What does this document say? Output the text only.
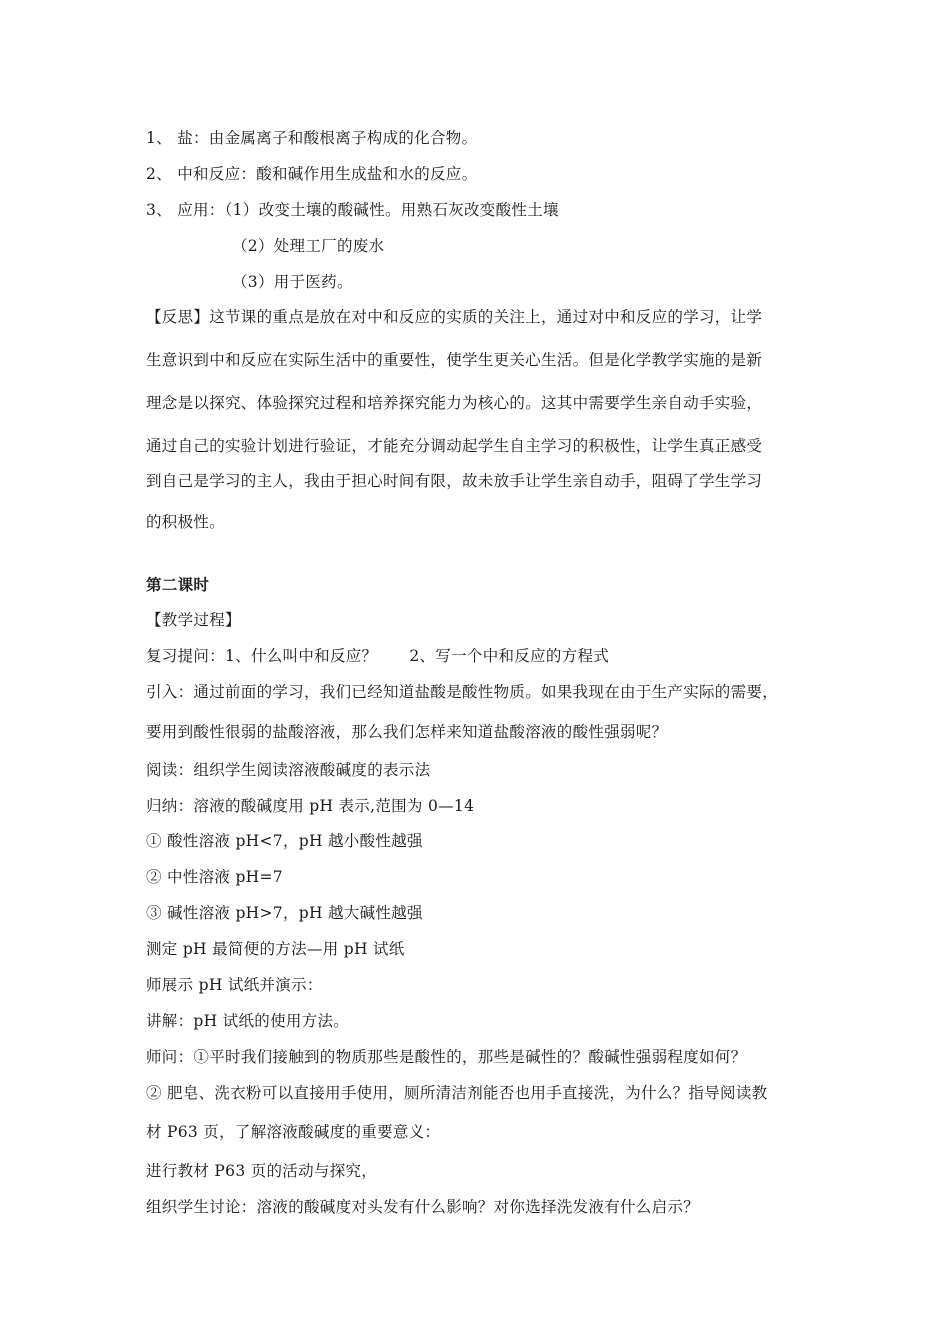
1、 盐：由金属离子和酸根离子构成的化合物。
2、 中和反应：酸和碱作用生成盐和水的反应。
3、 应用：（1）改变土壤的酸碱性。用熟石灰改变酸性土壤
（2）处理工厂的废水
（3）用于医药。
【反思】这节课的重点是放在对中和反应的实质的关注上，通过对中和反应的学习，让学
生意识到中和反应在实际生活中的重要性，使学生更关心生活。但是化学教学实施的是新
理念是以探究、体验探究过程和培养探究能力为核心的。这其中需要学生亲自动手实验，
通过自己的实验计划进行验证，才能充分调动起学生自主学习的积极性，让学生真正感受
到自己是学习的主人，我由于担心时间有限，故未放手让学生亲自动手，阻碍了学生学习
的积极性。
第二课时
【教学过程】
复习提问：1、什么叫中和反应？ 2、写一个中和反应的方程式
引入：通过前面的学习，我们已经知道盐酸是酸性物质。如果我现在由于生产实际的需要，
要用到酸性很弱的盐酸溶液，那么我们怎样来知道盐酸溶液的酸性强弱呢？
阅读：组织学生阅读溶液酸碱度的表示法
归纳：溶液的酸碱度用 pH 表示,范围为 0—14
① 酸性溶液 pH<7，pH 越小酸性越强
② 中性溶液 pH=7
③ 碱性溶液 pH>7，pH 越大碱性越强
测定 pH 最简便的方法—用 pH 试纸
师展示 pH 试纸并演示：
讲解：pH 试纸的使用方法。
师问：①平时我们接触到的物质那些是酸性的，那些是碱性的？酸碱性强弱程度如何？
② 肥皂、洗衣粉可以直接用手使用，厕所清洁剂能否也用手直接洗，为什么？指导阅读教
材 P63 页，了解溶液酸碱度的重要意义：
进行教材 P63 页的活动与探究，
组织学生讨论：溶液的酸碱度对头发有什么影响？对你选择洗发液有什么启示？
